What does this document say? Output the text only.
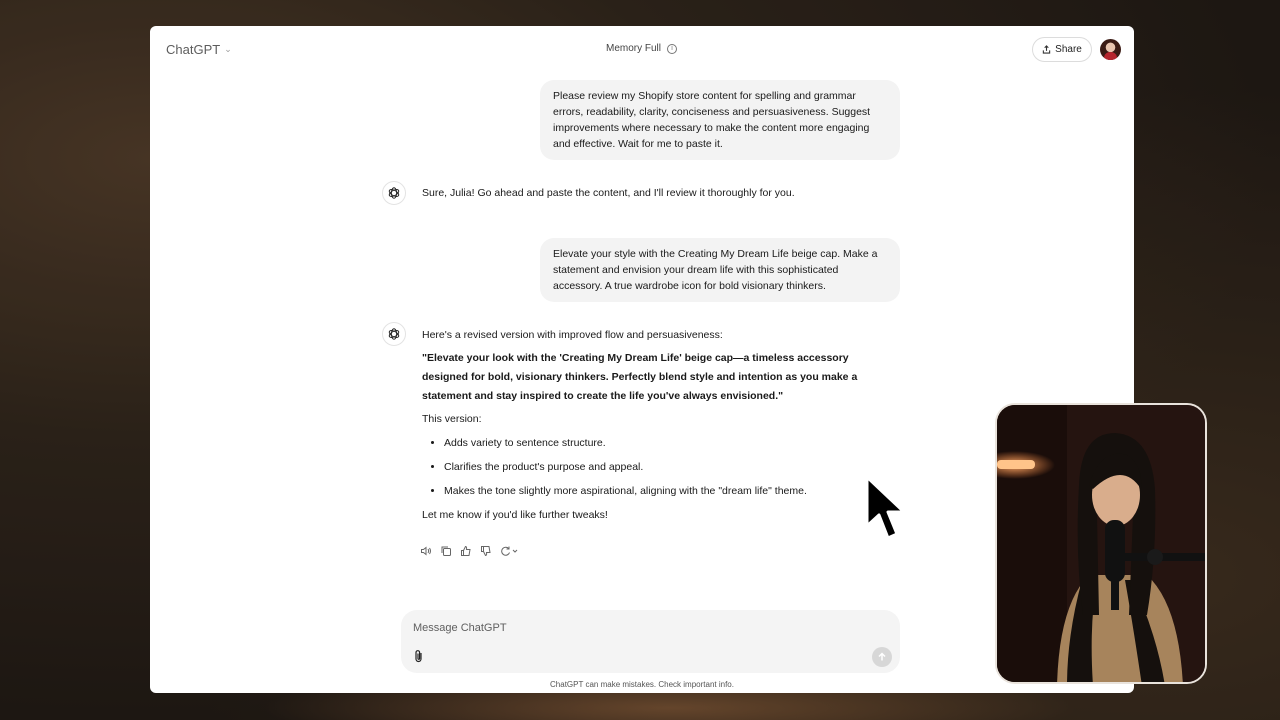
ChatGPT ⌄	Memory Full	i	Share
Please review my Shopify store content for spelling and grammar errors, readability, clarity, conciseness and persuasiveness. Suggest improvements where necessary to make the content more engaging and effective. Wait for me to paste it.
Sure, Julia! Go ahead and paste the content, and I'll review it thoroughly for you.
Elevate your style with the Creating My Dream Life beige cap. Make a statement and envision your dream life with this sophisticated accessory. A true wardrobe icon for bold visionary thinkers.
Here's a revised version with improved flow and persuasiveness:
"Elevate your look with the 'Creating My Dream Life' beige cap—a timeless accessory designed for bold, visionary thinkers. Perfectly blend style and intention as you make a statement and stay inspired to create the life you've always envisioned."
This version:
• Adds variety to sentence structure.
• Clarifies the product's purpose and appeal.
• Makes the tone slightly more aspirational, aligning with the "dream life" theme.
Let me know if you'd like further tweaks!
Message ChatGPT
ChatGPT can make mistakes. Check important info.
